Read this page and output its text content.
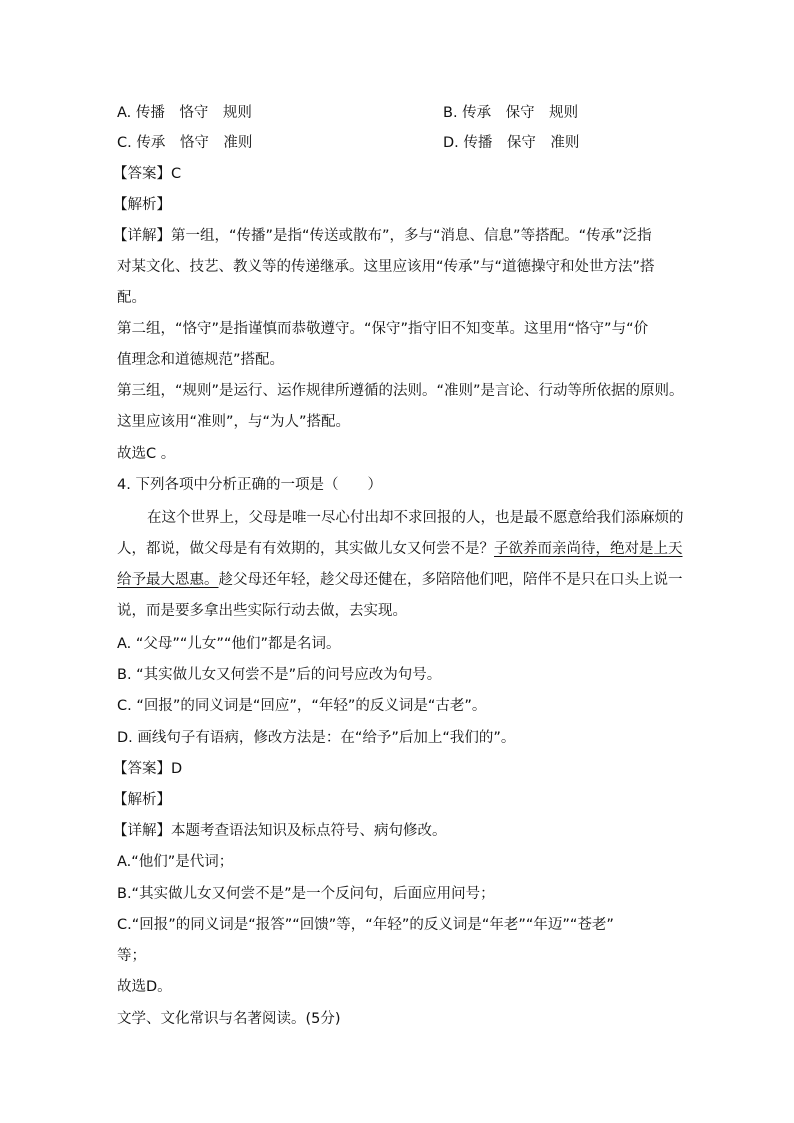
A. 传播　恪守　规则	B. 传承　保守　规则
C. 传承　恪守　准则	D. 传播　保守　准则
【答案】C
【解析】
【详解】第一组，“传播”是指“传送或散布”，多与“消息、信息”等搭配。“传承”泛指
对某文化、技艺、教义等的传递继承。这里应该用“传承”与“道德操守和处世方法”搭
配。
第二组，“恪守”是指谨慎而恭敬遵守。“保守”指守旧不知变革。这里用“恪守”与“价
值理念和道德规范”搭配。
第三组，“规则”是运行、运作规律所遵循的法则。“准则”是言论、行动等所依据的原则。
这里应该用“准则”，与“为人”搭配。
故选C 。
4. 下列各项中分析正确的一项是（　　）
在这个世界上，父母是唯一尽心付出却不求回报的人，也是最不愿意给我们添麻烦的
人，都说，做父母是有有效期的，其实做儿女又何尝不是？子欲养而亲尚待，绝对是上天
给予最大恩惠。趁父母还年轻，趁父母还健在，多陪陪他们吧，陪伴不是只在口头上说一
说，而是要多拿出些实际行动去做，去实现。
A. “父母”“儿女”“他们”都是名词。
B. “其实做儿女又何尝不是”后的问号应改为句号。
C. “回报”的同义词是“回应”，“年轻”的反义词是“古老”。
D. 画线句子有语病，修改方法是：在“给予”后加上“我们的”。
【答案】D
【解析】
【详解】本题考查语法知识及标点符号、病句修改。
A.“他们”是代词；
B.“其实做儿女又何尝不是”是一个反问句，后面应用问号；
C.“回报”的同义词是“报答”“回馈”等，“年轻”的反义词是“年老”“年迈”“苍老”
等；
故选D。
文学、文化常识与名著阅读。(5分)
